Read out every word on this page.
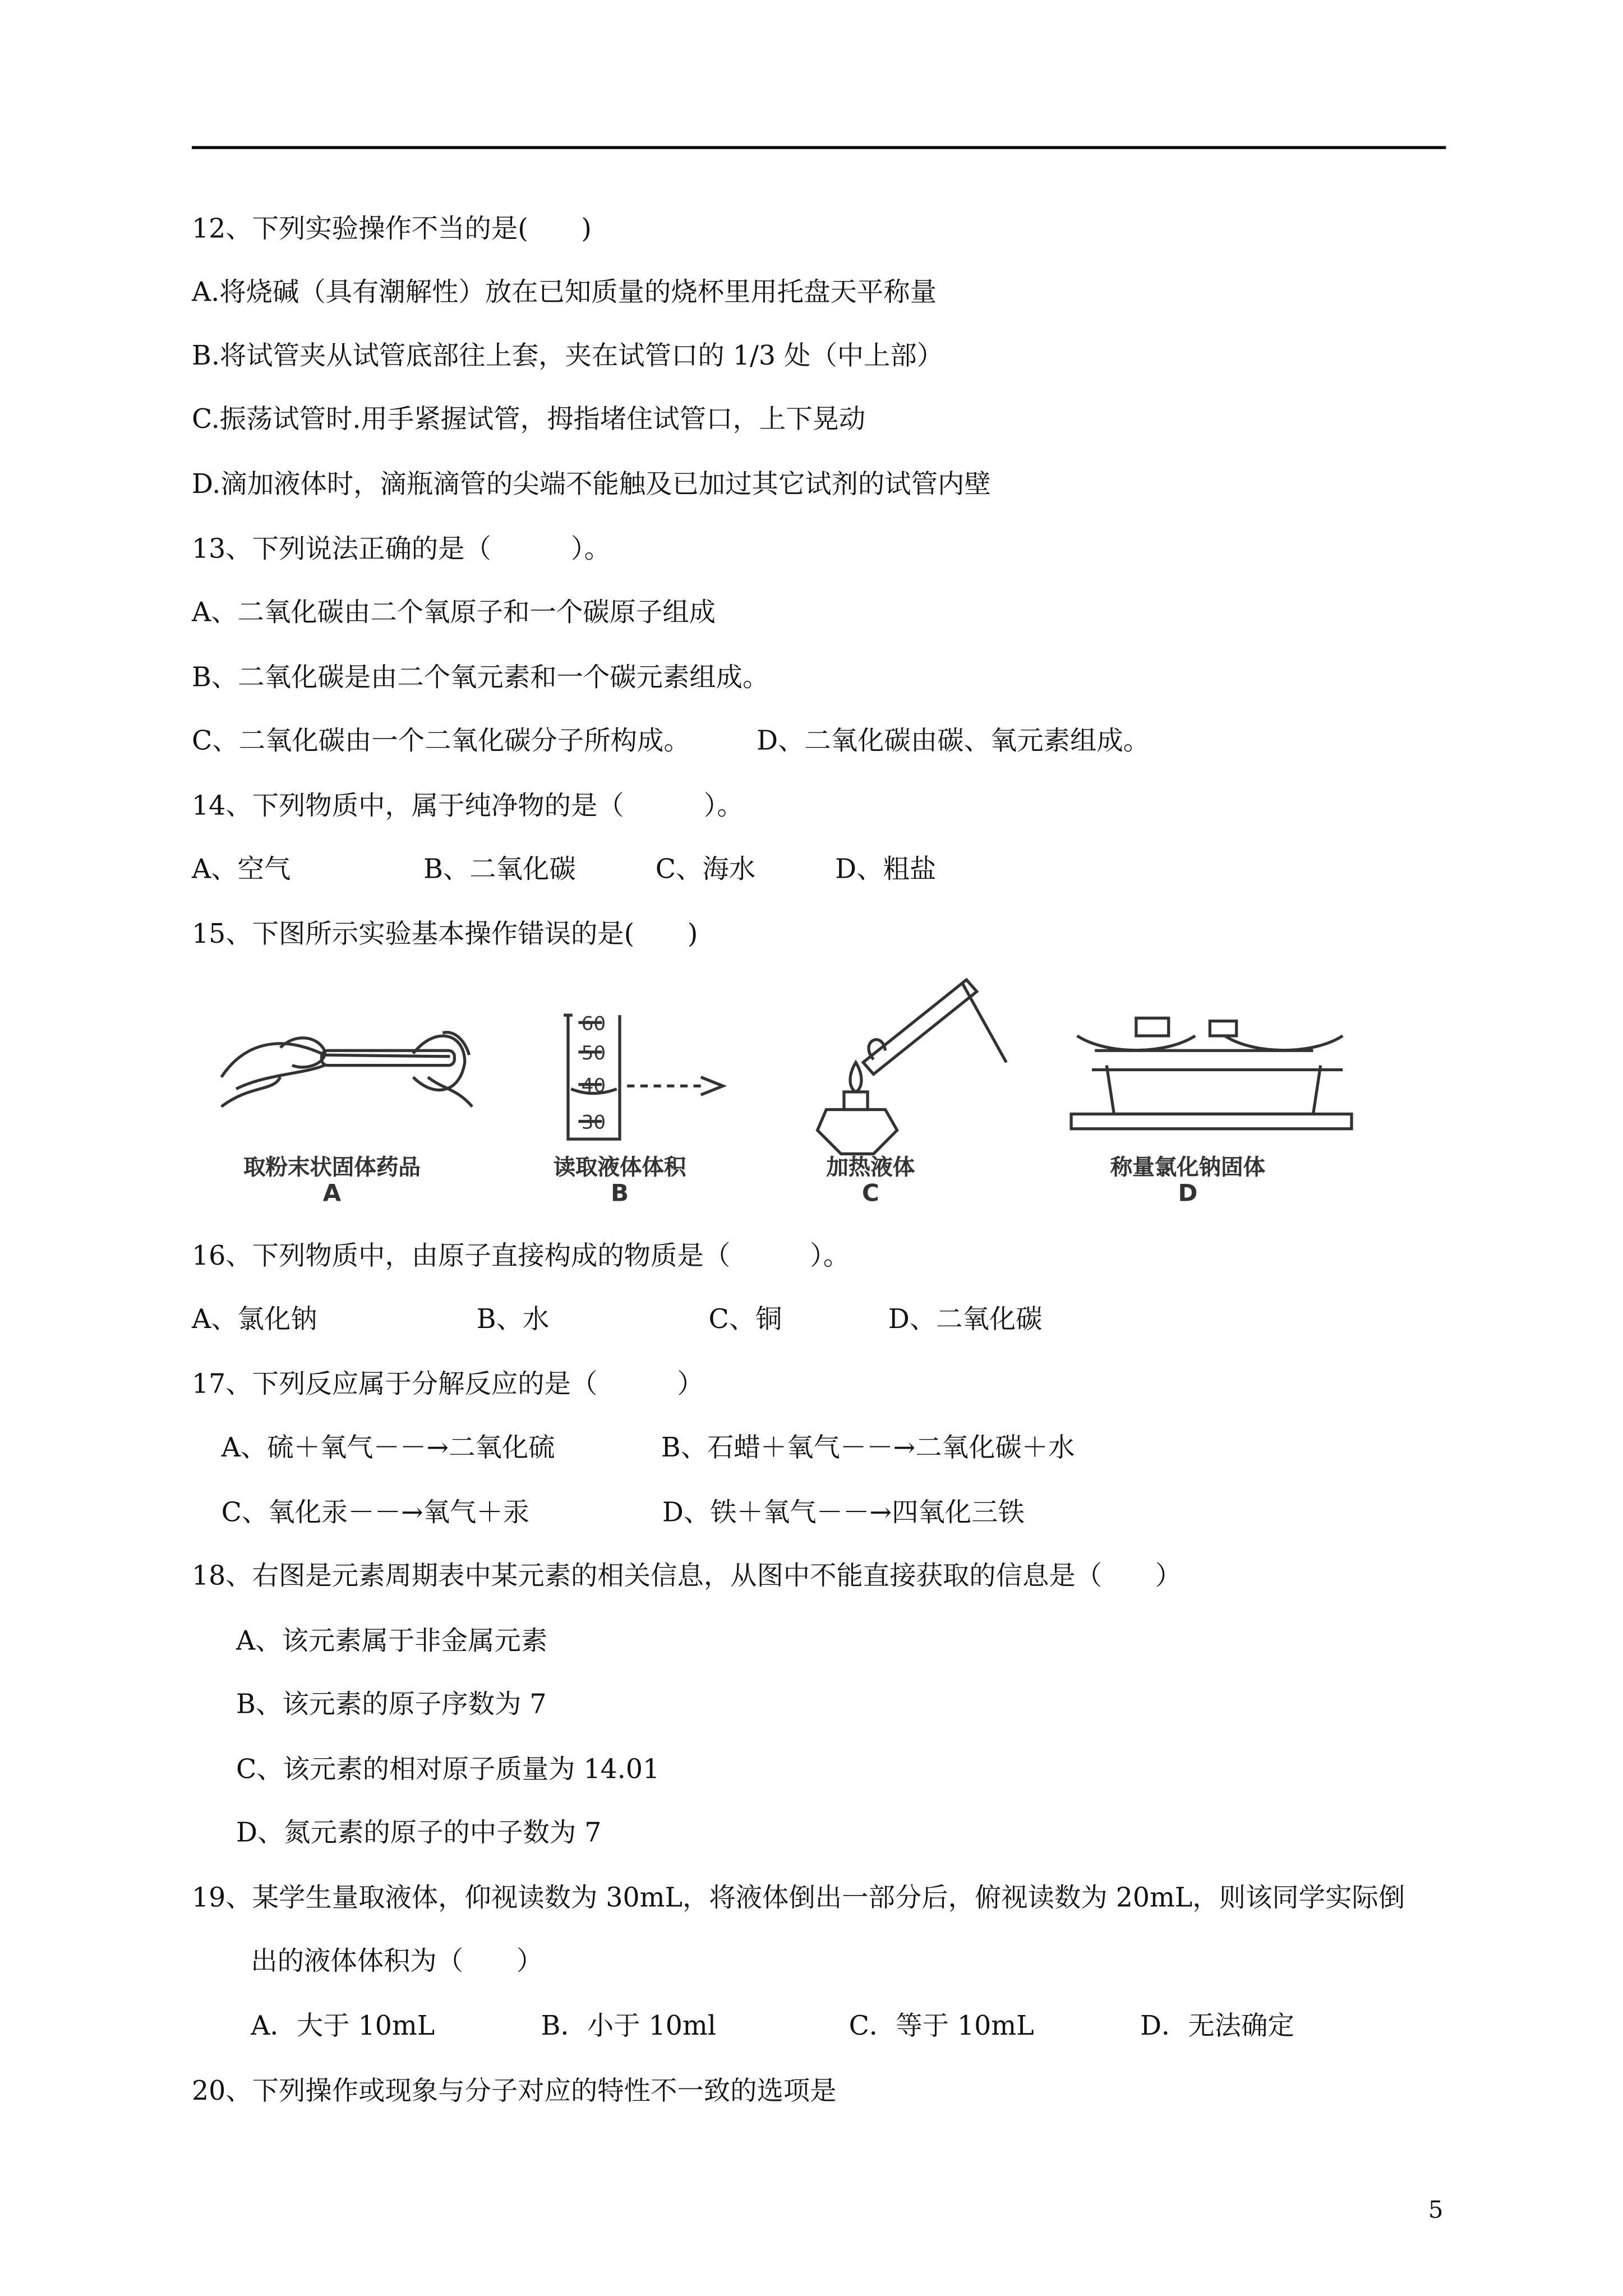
12、下列实验操作不当的是(　　)
A.将烧碱（具有潮解性）放在已知质量的烧杯里用托盘天平称量
B.将试管夹从试管底部往上套，夹在试管口的 1/3 处（中上部）
C.振荡试管时.用手紧握试管，拇指堵住试管口，上下晃动
D.滴加液体时，滴瓶滴管的尖端不能触及已加过其它试剂的试管内壁
13、下列说法正确的是（　　　）。
A、二氧化碳由二个氧原子和一个碳原子组成
B、二氧化碳是由二个氧元素和一个碳元素组成。
C、二氧化碳由一个二氧化碳分子所构成。　　　D、二氧化碳由碳、氧元素组成。
14、下列物质中，属于纯净物的是（　　　）。
A、空气　　　　　B、二氧化碳　　　C、海水　　　D、粗盐
15、下图所示实验基本操作错误的是(　　)
60
50
40
30
取粉末状固体药品
A
读取液体体积
B
加热液体
C
称量氯化钠固体
D
16、下列物质中，由原子直接构成的物质是（　　　）。
A、氯化钠　　　　　　B、水　　　　　　C、铜　　　　D、二氧化碳
17、下列反应属于分解反应的是（　　　）
A、硫＋氧气－－→二氧化硫　　　　B、石蜡＋氧气－－→二氧化碳＋水
C、氧化汞－－→氧气＋汞　　　　　D、铁＋氧气－－→四氧化三铁
18、右图是元素周期表中某元素的相关信息，从图中不能直接获取的信息是（　　）
A、该元素属于非金属元素
B、该元素的原子序数为 7
C、该元素的相对原子质量为 14.01
D、氮元素的原子的中子数为 7
19、某学生量取液体，仰视读数为 30mL，将液体倒出一部分后，俯视读数为 20mL，则该同学实际倒
出的液体体积为（　　）
A．大于 10mL　　　　B．小于 10ml　　　　　C．等于 10mL　　　　D．无法确定
20、下列操作或现象与分子对应的特性不一致的选项是
5
